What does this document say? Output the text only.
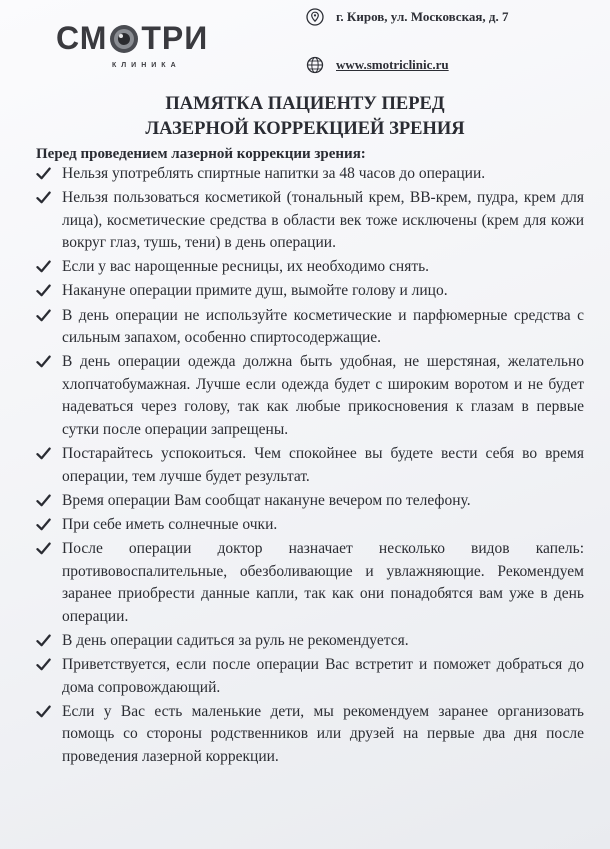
СМ ТРИ
КЛИНИКА
г. Киров, ул. Московская, д. 7
www.smotriclinic.ru
ПАМЯТКА ПАЦИЕНТУ ПЕРЕД
ЛАЗЕРНОЙ КОРРЕКЦИЕЙ ЗРЕНИЯ
Перед проведением лазерной коррекции зрения:
Нельзя употреблять спиртные напитки за 48 часов до операции.
Нельзя пользоваться косметикой (тональный крем, ВВ-крем, пудра, крем для лица), косметические средства в области век тоже исключены (крем для кожи вокруг глаз, тушь, тени) в день операции.
Если у вас нарощенные ресницы, их необходимо снять.
Накануне операции примите душ, вымойте голову и лицо.
В день операции не используйте косметические и парфюмерные средства с сильным запахом, особенно спиртосодержащие.
В день операции одежда должна быть удобная, не шерстяная, желательно хлопчатобумажная. Лучше если одежда будет с широким воротом и не будет надеваться через голову, так как любые прикосновения к глазам в первые сутки после операции запрещены.
Постарайтесь успокоиться. Чем спокойнее вы будете вести себя во время операции, тем лучше будет результат.
Время операции Вам сообщат накануне вечером по телефону.
При себе иметь солнечные очки.
После операции доктор назначает несколько видов капель: противовоспалительные, обезболивающие и увлажняющие. Рекомендуем заранее приобрести данные капли, так как они понадобятся вам уже в день операции.
В день операции садиться за руль не рекомендуется.
Приветствуется, если после операции Вас встретит и поможет добраться до дома сопровождающий.
Если у Вас есть маленькие дети, мы рекомендуем заранее организовать помощь со стороны родственников или друзей на первые два дня после проведения лазерной коррекции.
